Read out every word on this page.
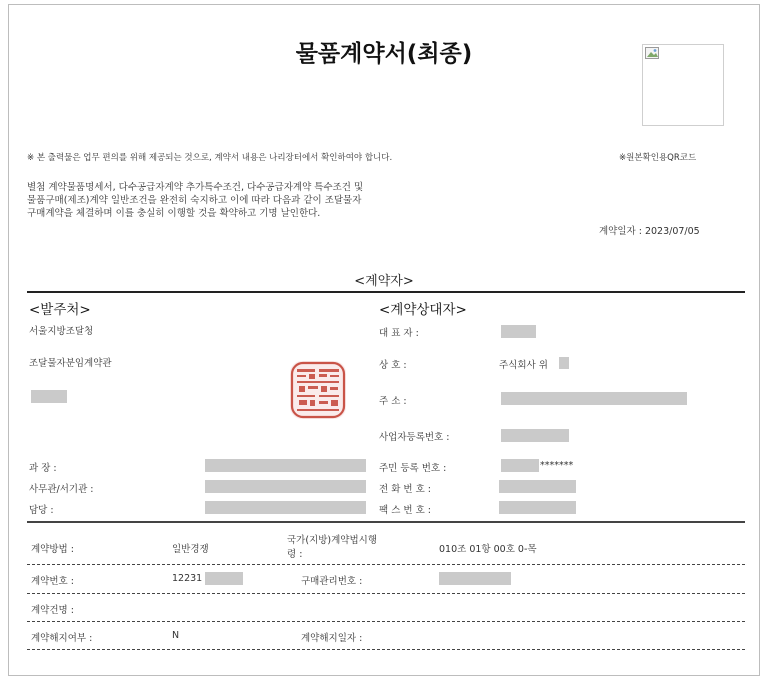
물품계약서(최종)
※ 본 출력물은 업무 편의를 위해 제공되는 것으로, 계약서 내용은 나리장터에서 확인하여야 합니다.	※원본확인용QR코드
별첨 계약물품명세서, 다수공급자계약 추가특수조건, 다수공급자계약 특수조건 및
물품구매(제조)계약 일반조건을 완전히 숙지하고 이에 따라 다음과 같이 조달물자
구매계약을 체결하며 이를 충실히 이행할 것을 확약하고 기명 날인한다.
계약일자 : 2023/07/05
<계약자>
<발주처>
서울지방조달청
조달물자분임계약관
<계약상대자>
대 표 자 :
상 호 :	주식회사 위
주 소 :
사업자등록번호 :
과 장 :	주민 등록 번호 :	*******
사무관/서기관 :	전 화 번 호 :
담당 :	팩 스 번 호 :
계약방법 :	일반경쟁
국가(지방)계약법시행
령 :	010조 01항 00호 0-목
계약번호 :	12231	구매관리번호 :
계약건명 :
계약해지여부 :	N	계약해지일자 :
